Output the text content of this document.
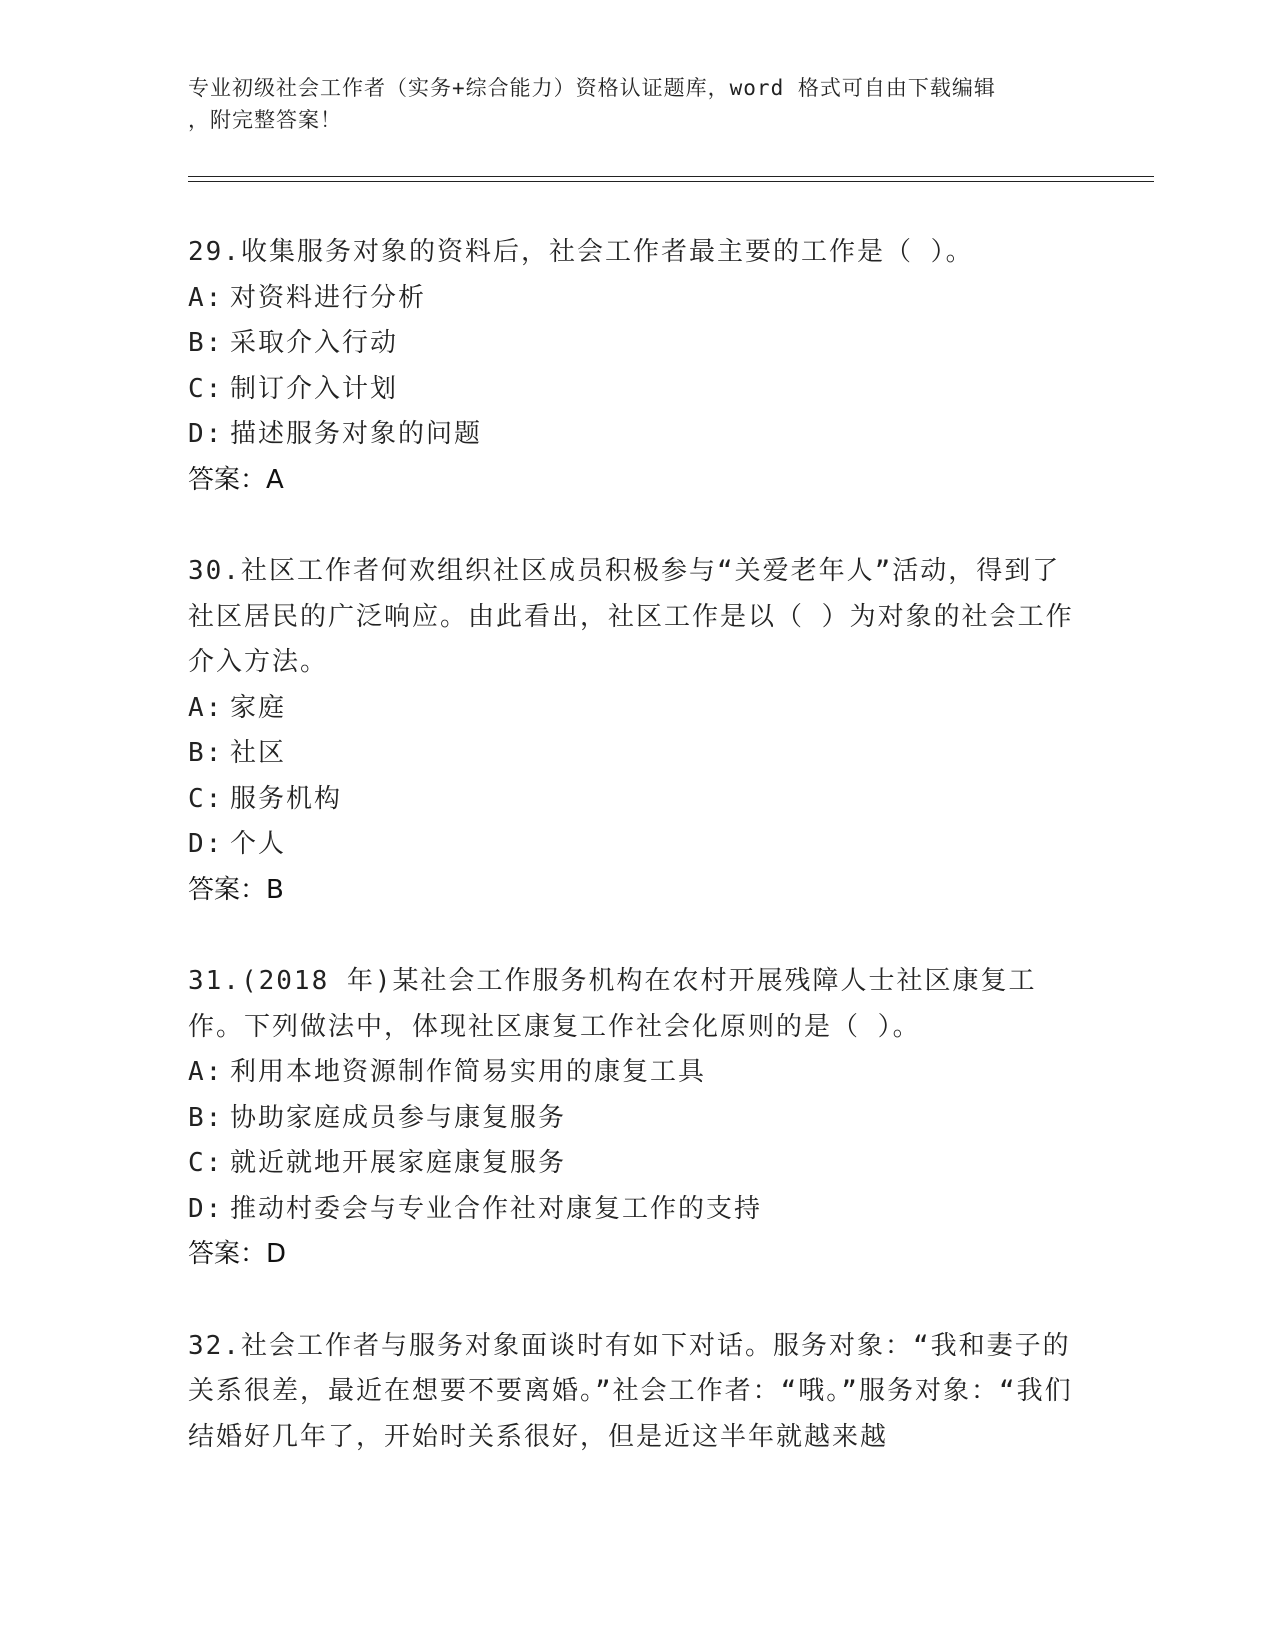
专业初级社会工作者（实务+综合能力）资格认证题库，word 格式可自由下载编辑
，附完整答案！

29.收集服务对象的资料后，社会工作者最主要的工作是（ ）。

A: 对资料进行分析

B: 采取介入行动

C: 制订介入计划

D: 描述服务对象的问题

答案：A

30.社区工作者何欢组织社区成员积极参与“关爱老年人”活动，得到了社区居民的广泛响应。由此看出，社区工作是以（ ）为对象的社会工作介入方法。

A: 家庭

B: 社区

C: 服务机构

D: 个人

答案：B

31.(2018 年)某社会工作服务机构在农村开展残障人士社区康复工作。下列做法中，体现社区康复工作社会化原则的是（ ）。

A: 利用本地资源制作简易实用的康复工具

B: 协助家庭成员参与康复服务

C: 就近就地开展家庭康复服务

D: 推动村委会与专业合作社对康复工作的支持

答案：D

32.社会工作者与服务对象面谈时有如下对话。服务对象：“我和妻子的关系很差，最近在想要不要离婚。”社会工作者：“哦。”服务对象：“我们结婚好几年了，开始时关系很好，但是近这半年就越来越
